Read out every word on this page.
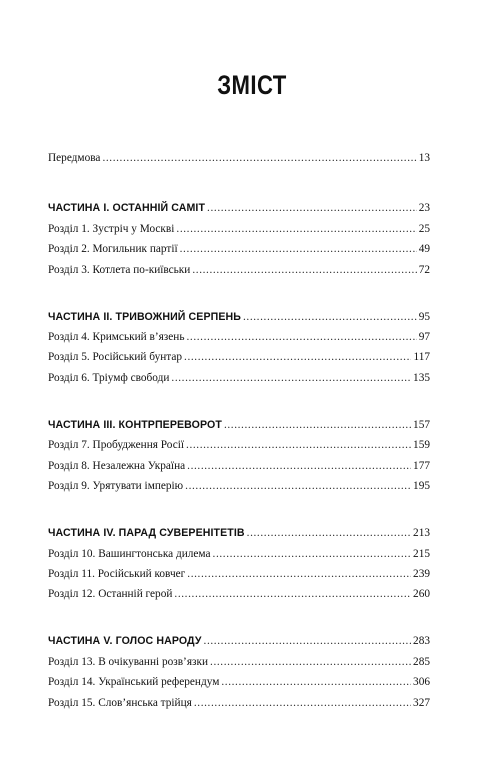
ЗМІСТ
Передмова .....	13
ЧАСТИНА I. ОСТАННІЙ САМІТ .....	23
Розділ 1. Зустріч у Москві .....	25
Розділ 2. Могильник партії .....	49
Розділ 3. Котлета по-київськи .....	72
ЧАСТИНА II. ТРИВОЖНИЙ СЕРПЕНЬ .....	95
Розділ 4. Кримський в’язень .....	97
Розділ 5. Російський бунтар .....	117
Розділ 6. Тріумф свободи .....	135
ЧАСТИНА III. КОНТРПЕРЕВОРОТ .....	157
Розділ 7. Пробудження Росії .....	159
Розділ 8. Незалежна Україна .....	177
Розділ 9. Урятувати імперію .....	195
ЧАСТИНА IV. ПАРАД СУВЕРЕНІТЕТІВ .....	213
Розділ 10. Вашингтонська дилема .....	215
Розділ 11. Російський ковчег .....	239
Розділ 12. Останній герой .....	260
ЧАСТИНА V. ГОЛОС НАРОДУ .....	283
Розділ 13. В очікуванні розв’язки .....	285
Розділ 14. Український референдум .....	306
Розділ 15. Слов’янська трійця .....	327
